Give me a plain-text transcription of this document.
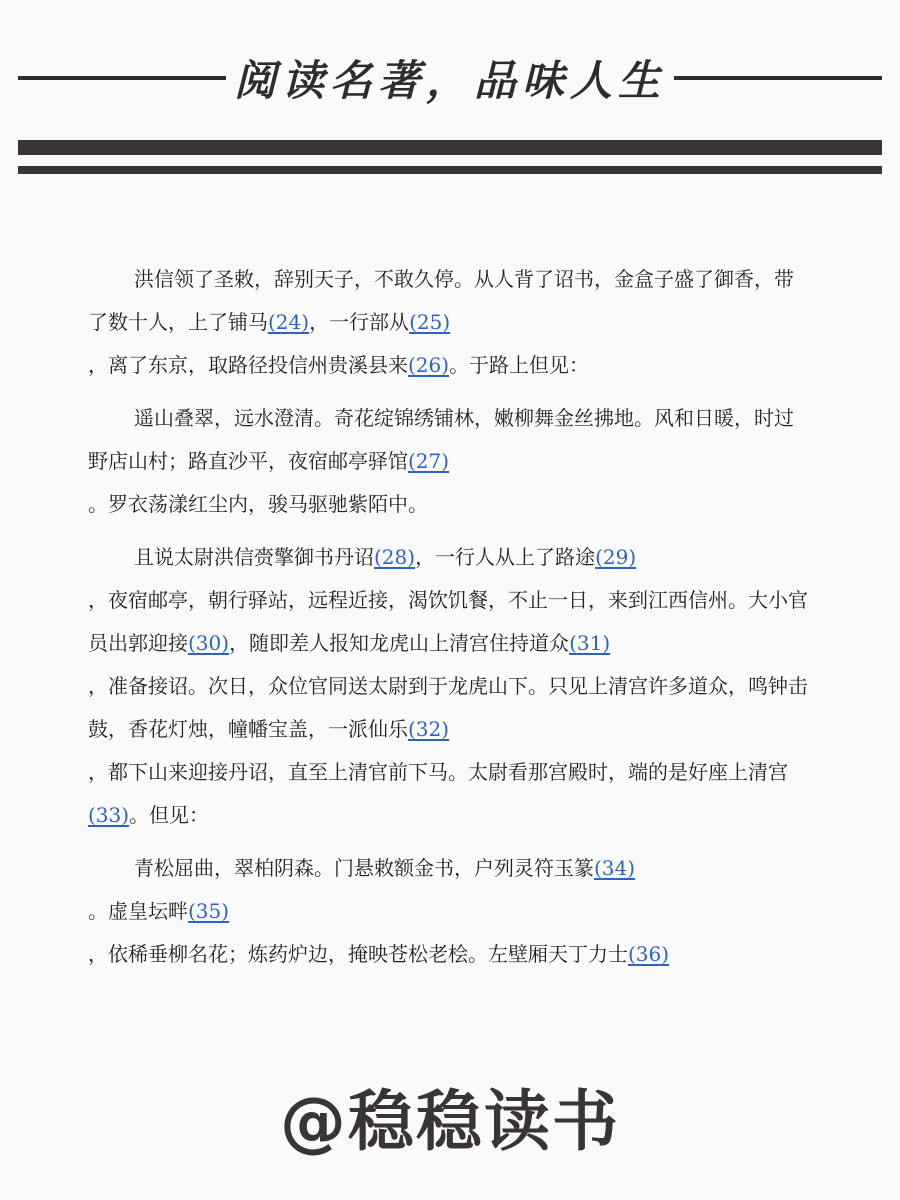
阅读名著，品味人生

洪信领了圣敕，辞别天子，不敢久停。从人背了诏书，金盒子盛了御香，带了数十人，上了铺马(24)，一行部从(25)

，离了东京，取路径投信州贵溪县来(26)。于路上但见：

遥山叠翠，远水澄清。奇花绽锦绣铺林，嫩柳舞金丝拂地。风和日暖，时过野店山村；路直沙平，夜宿邮亭驿馆(27)

。罗衣荡漾红尘内，骏马驱驰紫陌中。

且说太尉洪信赍擎御书丹诏(28)，一行人从上了路途(29)

，夜宿邮亭，朝行驿站，远程近接，渴饮饥餐，不止一日，来到江西信州。大小官员出郭迎接(30)，随即差人报知龙虎山上清宫住持道众(31)

，准备接诏。次日，众位官同送太尉到于龙虎山下。只见上清宫许多道众，鸣钟击鼓，香花灯烛，幢幡宝盖，一派仙乐(32)

，都下山来迎接丹诏，直至上清官前下马。太尉看那宫殿时，端的是好座上清宫(33)。但见：

青松屈曲，翠柏阴森。门悬敕额金书，户列灵符玉篆(34)

。虚皇坛畔(35)

，依稀垂柳名花；炼药炉边，掩映苍松老桧。左壁厢天丁力士(36)

@稳稳读书
